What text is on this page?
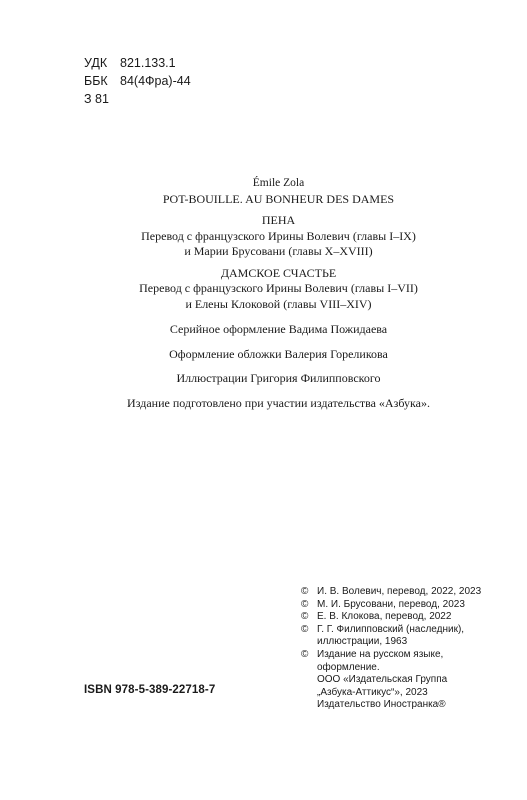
УДК	821.133.1
ББК 84(4Фра)-44
З 81
Émile Zola
POT-BOUILLE. AU BONHEUR DES DAMES
ПЕНА
Перевод с французского Ирины Волевич (главы I–IX)
и Марии Брусовани (главы X–XVIII)
ДАМСКОЕ СЧАСТЬЕ
Перевод с французского Ирины Волевич (главы I–VII)
и Елены Клоковой (главы VIII–XIV)
Серийное оформление Вадима Пожидаева
Оформление обложки Валерия Гореликова
Иллюстрации Григория Филипповского
Издание подготовлено при участии издательства «Азбука».
© И. В. Волевич, перевод, 2022, 2023
© М. И. Брусовани, перевод, 2023
© Е. В. Клокова, перевод, 2022
© Г. Г. Филипповский (наследник),
иллюстрации, 1963
© Издание на русском языке,
оформление.
ООО «Издательская Группа
„Азбука-Аттикус“», 2023
Издательство Иностранка®
ISBN 978-5-389-22718-7
